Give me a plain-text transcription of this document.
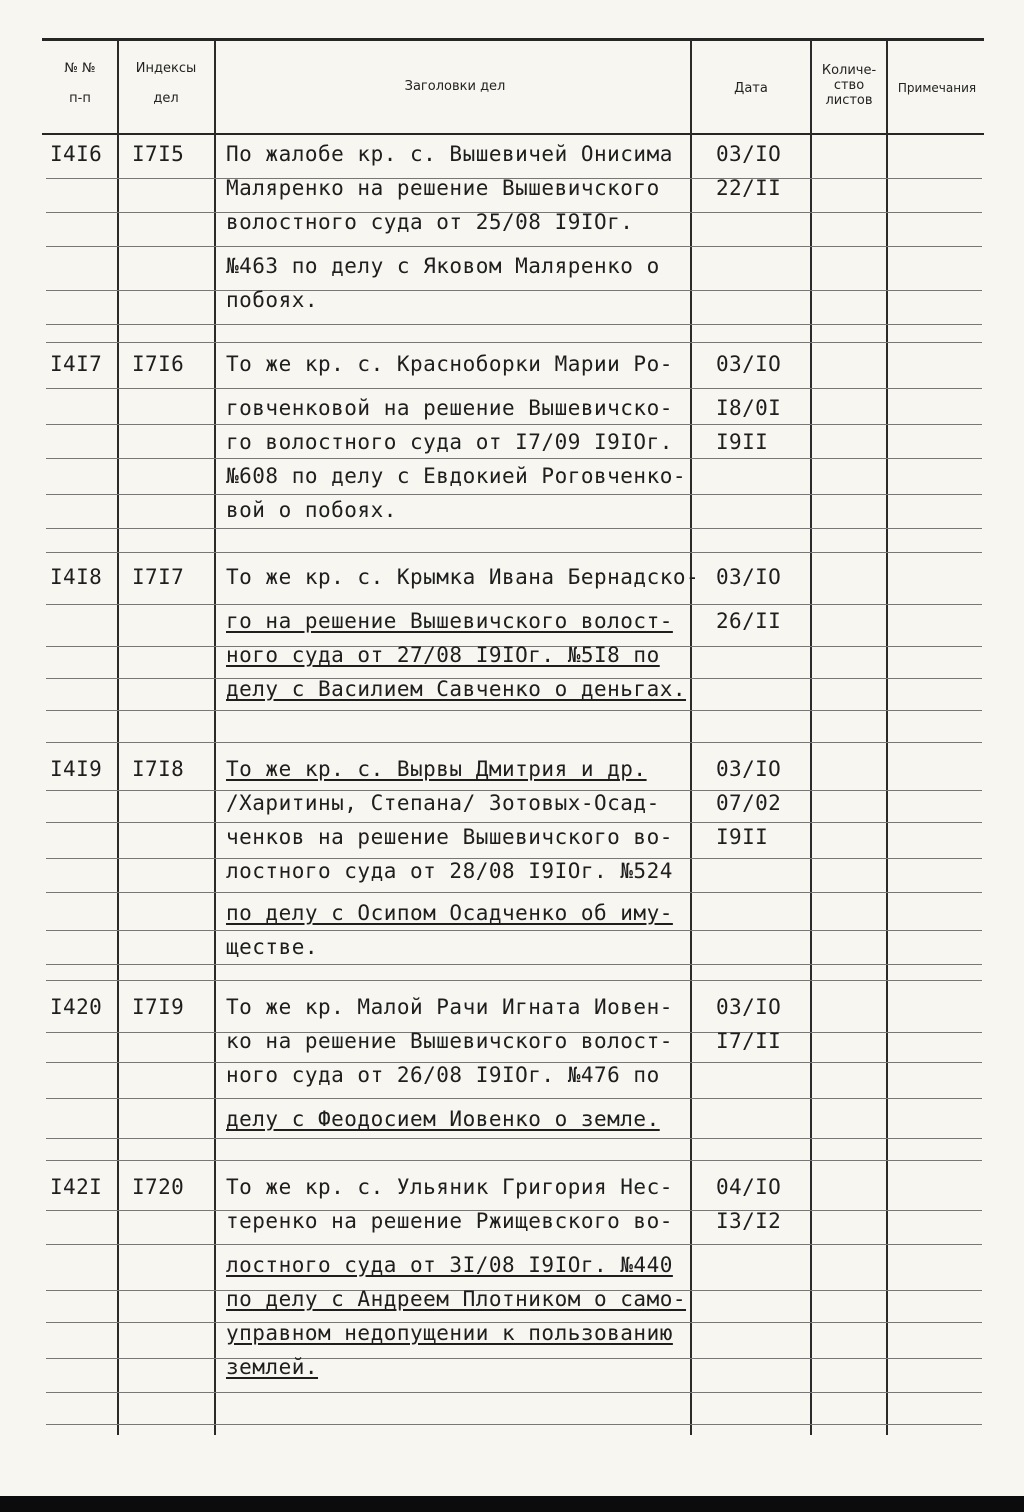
№ №
п-п
Индексы
дел
Заголовки дел	Дата
Количе-
ство
листов
Примечания
I4I6 I7I5 По жалобе кр. с. Вышевичей Онисима
Маляренко на решение Вышевичского
волостного суда от 25/08 I9IOг.
№463 по делу с Яковом Маляренко о
побоях.
03/IO
22/II
I4I7 I7I6 То же кр. с. Красноборки Марии Ро-
говченковой на решение Вышевичско-
го волостного суда от I7/09 I9IOг.
№608 по делу с Евдокией Роговченко-
вой о побоях.
03/IO
I8/0I
I9II
I4I8 I7I7 То же кр. с. Крымка Ивана Бернадско-
го на решение Вышевичского волост-
ного суда от 27/08 I9IOг. №5I8 по
делу с Василием Савченко о деньгах.
03/IO
26/II
I4I9 I7I8 То же кр. с. Вырвы Дмитрия и др.
/Харитины, Степана/ Зотовых-Осад-
ченков на решение Вышевичского во-
лостного суда от 28/08 I9IOг. №524
по делу с Осипом Осадченко об иму-
ществе.
03/IO
07/02
I9II
I420 I7I9 То же кр. Малой Рачи Игната Иовен-
ко на решение Вышевичского волост-
ного суда от 26/08 I9IOг. №476 по
делу с Феодосием Иовенко о земле.
03/IO
I7/II
I42I I720 То же кр. с. Ульяник Григория Нес-
теренко на решение Ржищевского во-
лостного суда от 3I/08 I9IOг. №440
по делу с Андреем Плотником о само-
управном недопущении к пользованию
землей.
04/IO
I3/I2
